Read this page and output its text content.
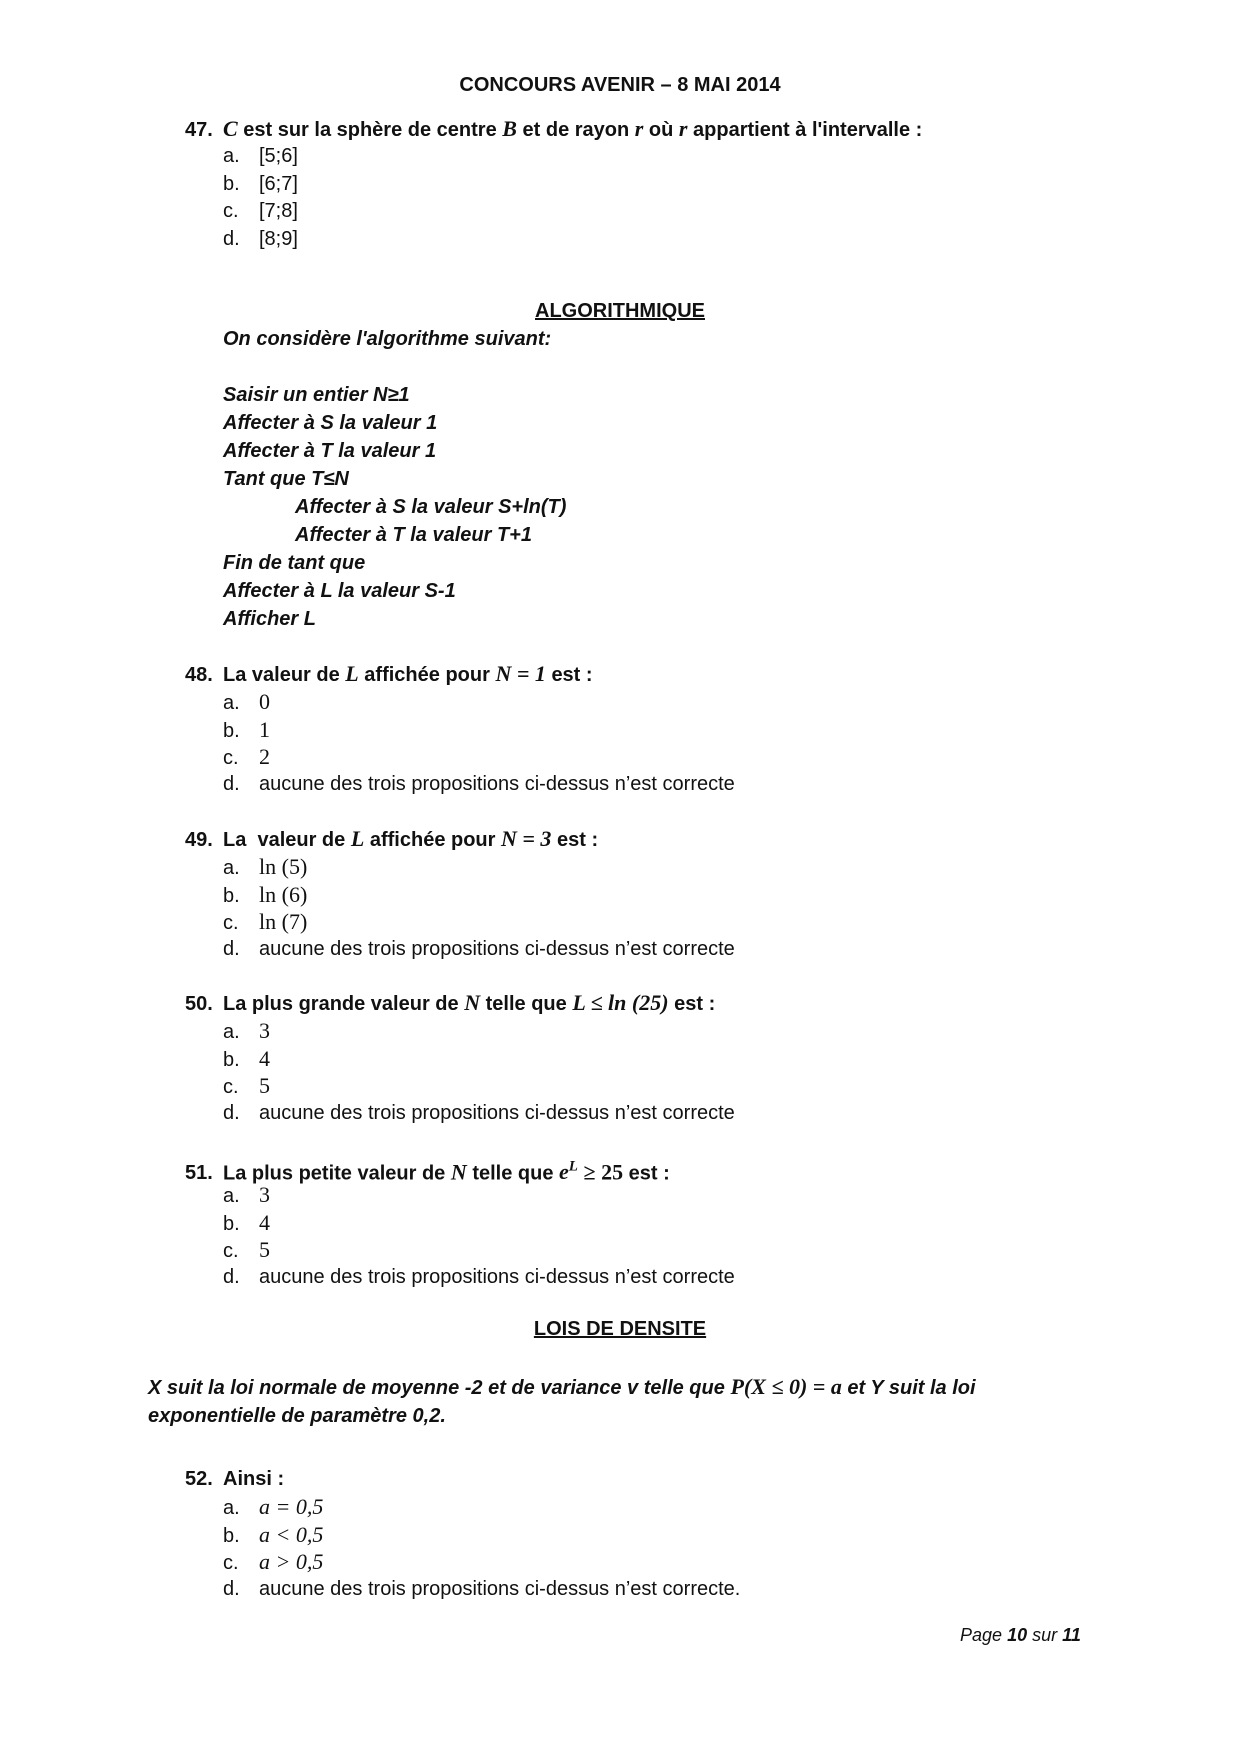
CONCOURS AVENIR – 8 MAI 2014
47. C est sur la sphère de centre B et de rayon r où r appartient à l'intervalle :
a. [5;6]
b. [6;7]
c. [7;8]
d. [8;9]
ALGORITHMIQUE
On considère l'algorithme suivant:
Saisir un entier N≥1
Affecter à S la valeur 1
Affecter à T la valeur 1
Tant que T≤N
Affecter à S la valeur S+ln(T)
Affecter à T la valeur T+1
Fin de tant que
Affecter à L la valeur S-1
Afficher L
48. La valeur de L affichée pour N = 1 est :
a. 0
b. 1
c. 2
d. aucune des trois propositions ci-dessus n’est correcte
49. La  valeur de L affichée pour N = 3 est :
a. ln (5)
b. ln (6)
c. ln (7)
d. aucune des trois propositions ci-dessus n’est correcte
50. La plus grande valeur de N telle que L ≤ ln (25) est :
a. 3
b. 4
c. 5
d. aucune des trois propositions ci-dessus n’est correcte
51. La plus petite valeur de N telle que $e^L \ge 25$ est :
a. 3
b. 4
c. 5
d. aucune des trois propositions ci-dessus n’est correcte
LOIS DE DENSITE
X suit la loi normale de moyenne -2 et de variance v telle que P(X ≤ 0) = a et Y suit la loi exponentielle de paramètre 0,2.
52. Ainsi :
a. a = 0,5
b. a < 0,5
c. a > 0,5
d. aucune des trois propositions ci-dessus n’est correcte.
Page 10 sur 11
